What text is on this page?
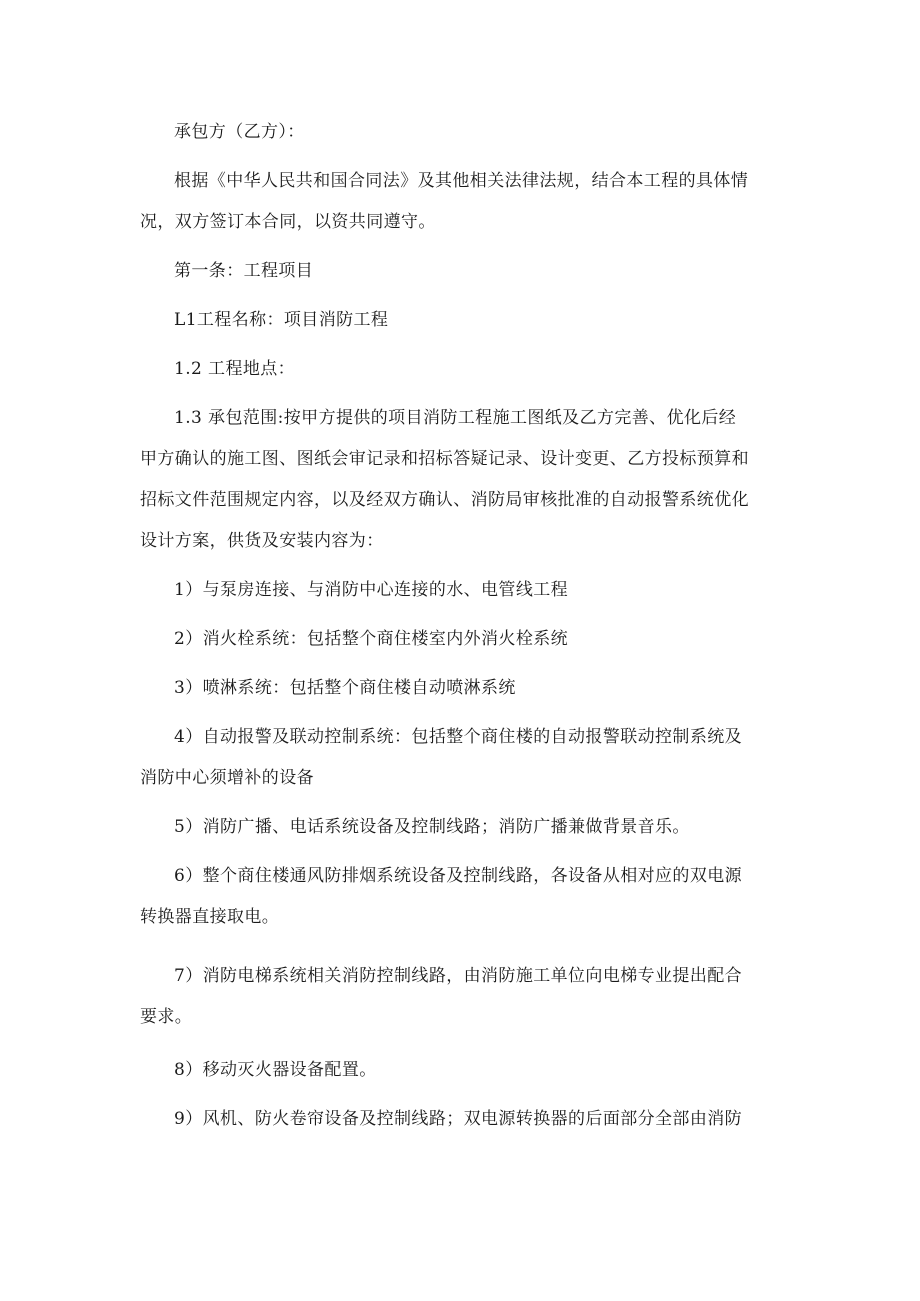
承包方（乙方）：

根据《中华人民共和国合同法》及其他相关法律法规，结合本工程的具体情

况，双方签订本合同，以资共同遵守。

第一条：工程项目

L1工程名称：项目消防工程

1.2 工程地点：

1.3 承包范围:按甲方提供的项目消防工程施工图纸及乙方完善、优化后经

甲方确认的施工图、图纸会审记录和招标答疑记录、设计变更、乙方投标预算和

招标文件范围规定内容，以及经双方确认、消防局审核批准的自动报警系统优化

设计方案，供货及安装内容为：

1）与泵房连接、与消防中心连接的水、电管线工程

2）消火栓系统：包括整个商住楼室内外消火栓系统

3）喷淋系统：包括整个商住楼自动喷淋系统

4）自动报警及联动控制系统：包括整个商住楼的自动报警联动控制系统及

消防中心须增补的设备

5）消防广播、电话系统设备及控制线路；消防广播兼做背景音乐。

6）整个商住楼通风防排烟系统设备及控制线路，各设备从相对应的双电源

转换器直接取电。

7）消防电梯系统相关消防控制线路，由消防施工单位向电梯专业提出配合

要求。

8）移动灭火器设备配置。

9）风机、防火卷帘设备及控制线路；双电源转换器的后面部分全部由消防
